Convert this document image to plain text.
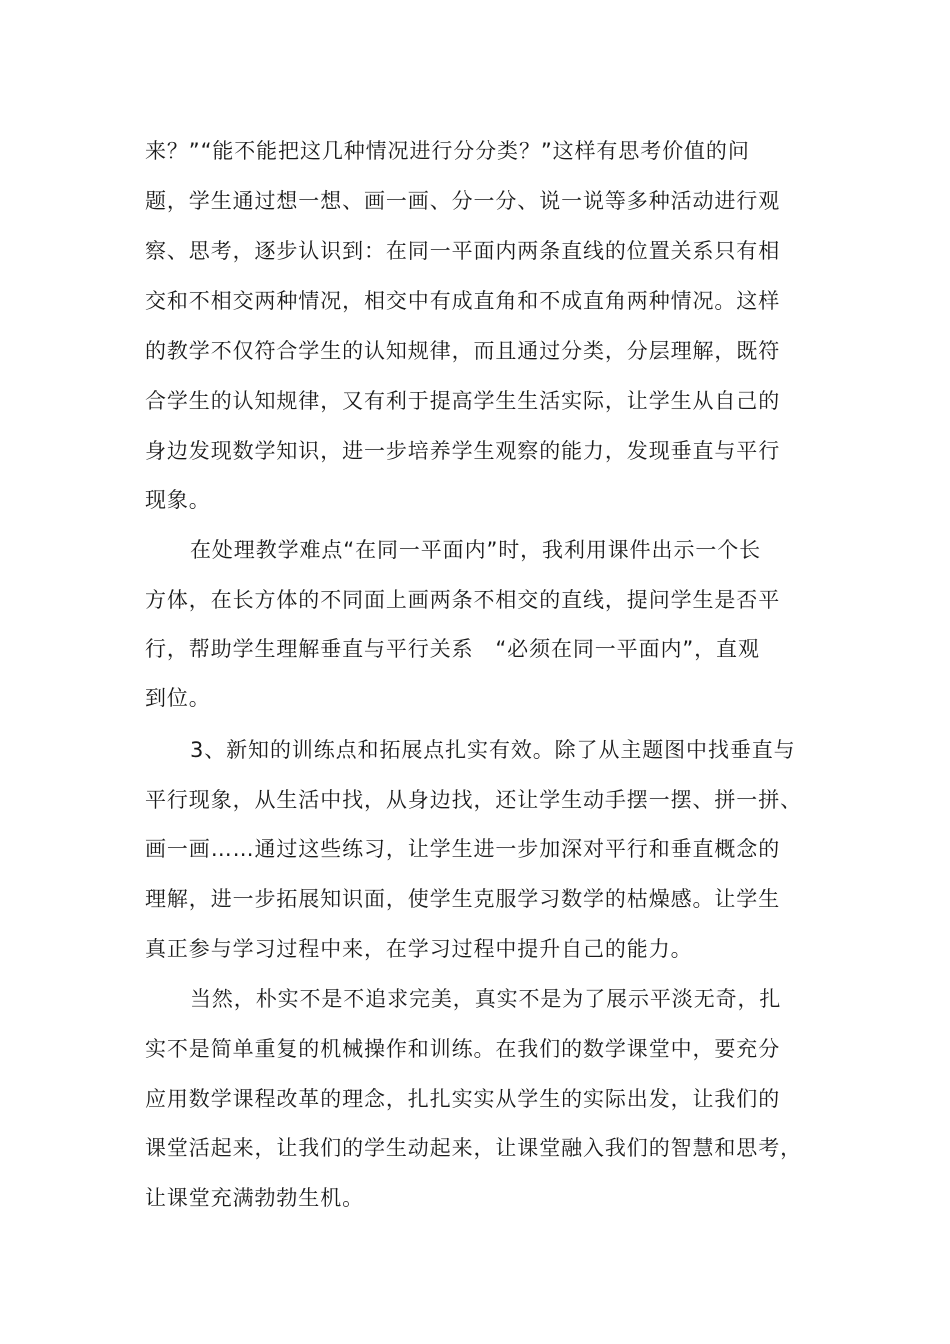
来？”“能不能把这几种情况进行分分类？”这样有思考价值的问
题，学生通过想一想、画一画、分一分、说一说等多种活动进行观
察、思考，逐步认识到：在同一平面内两条直线的位置关系只有相
交和不相交两种情况，相交中有成直角和不成直角两种情况。这样
的教学不仅符合学生的认知规律，而且通过分类，分层理解，既符
合学生的认知规律，又有利于提高学生生活实际，让学生从自己的
身边发现数学知识，进一步培养学生观察的能力，发现垂直与平行
现象。
在处理教学难点“在同一平面内”时，我利用课件出示一个长
方体，在长方体的不同面上画两条不相交的直线，提问学生是否平
行，帮助学生理解垂直与平行关系　“必须在同一平面内”，直观
到位。
3、新知的训练点和拓展点扎实有效。除了从主题图中找垂直与
平行现象，从生活中找，从身边找，还让学生动手摆一摆、拼一拼、
画一画……通过这些练习，让学生进一步加深对平行和垂直概念的
理解，进一步拓展知识面，使学生克服学习数学的枯燥感。让学生
真正参与学习过程中来，在学习过程中提升自己的能力。
当然，朴实不是不追求完美，真实不是为了展示平淡无奇，扎
实不是简单重复的机械操作和训练。在我们的数学课堂中，要充分
应用数学课程改革的理念，扎扎实实从学生的实际出发，让我们的
课堂活起来，让我们的学生动起来，让课堂融入我们的智慧和思考，
让课堂充满勃勃生机。
